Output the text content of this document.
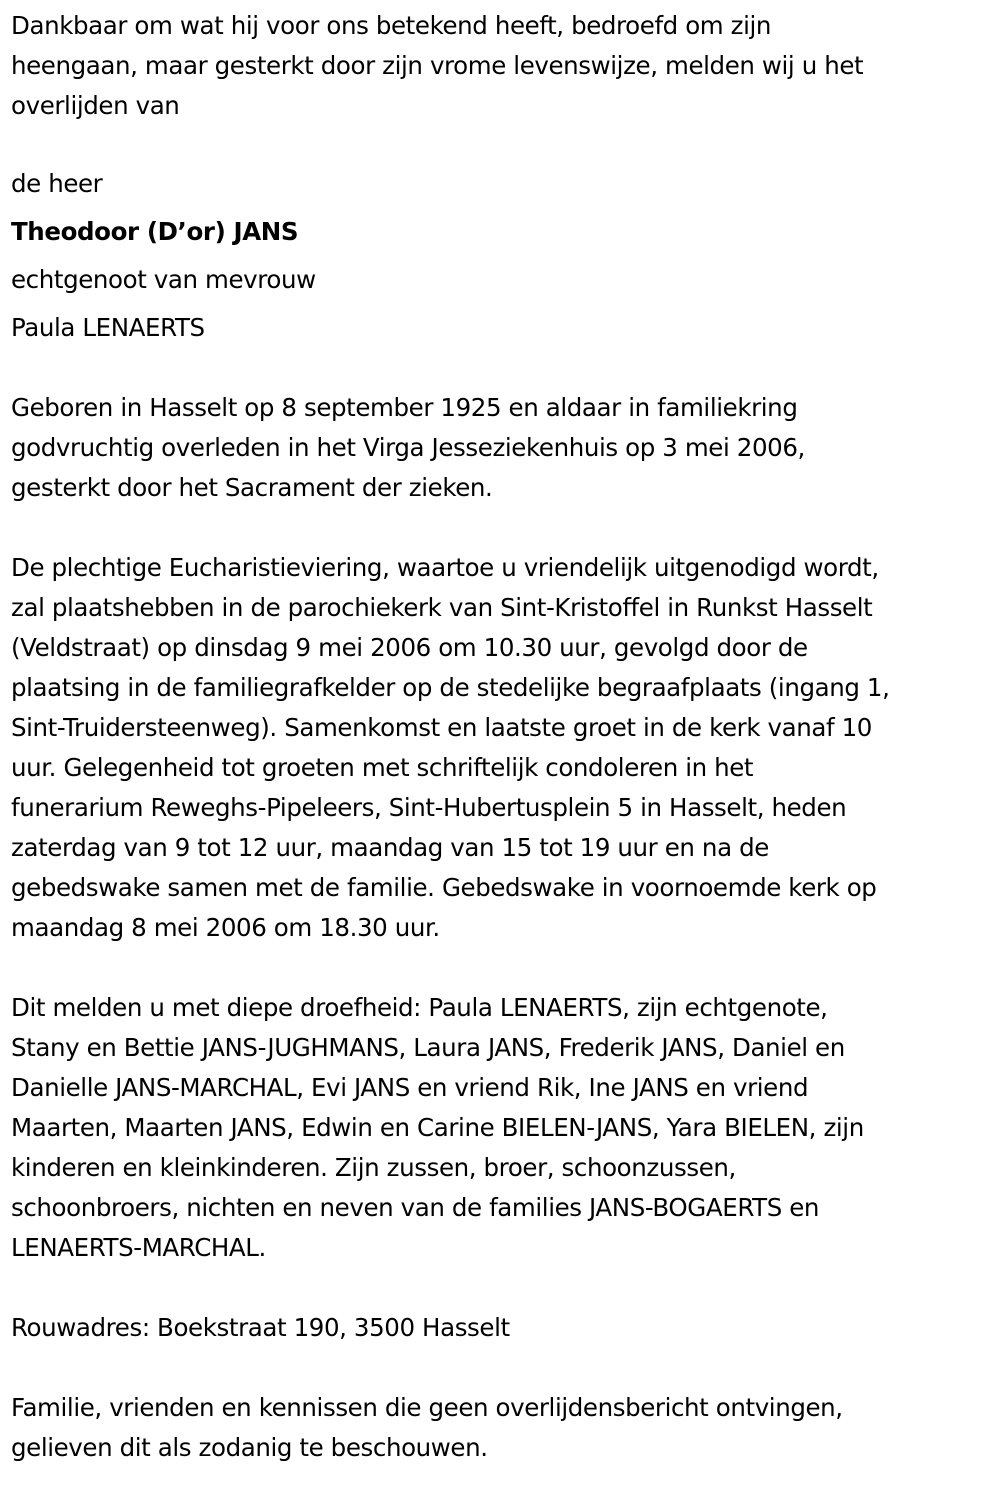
Dankbaar om wat hij voor ons betekend heeft, bedroefd om zijn
heengaan, maar gesterkt door zijn vrome levenswijze, melden wij u het
overlijden van

de heer

Theodoor (D’or) JANS

echtgenoot van mevrouw

Paula LENAERTS

Geboren in Hasselt op 8 september 1925 en aldaar in familiekring
godvruchtig overleden in het Virga Jesseziekenhuis op 3 mei 2006,
gesterkt door het Sacrament der zieken.

De plechtige Eucharistieviering, waartoe u vriendelijk uitgenodigd wordt,
zal plaatshebben in de parochiekerk van Sint-Kristoffel in Runkst Hasselt
(Veldstraat) op dinsdag 9 mei 2006 om 10.30 uur, gevolgd door de
plaatsing in de familiegrafkelder op de stedelijke begraafplaats (ingang 1,
Sint-Truidersteenweg). Samenkomst en laatste groet in de kerk vanaf 10
uur. Gelegenheid tot groeten met schriftelijk condoleren in het
funerarium Reweghs-Pipeleers, Sint-Hubertusplein 5 in Hasselt, heden
zaterdag van 9 tot 12 uur, maandag van 15 tot 19 uur en na de
gebedswake samen met de familie. Gebedswake in voornoemde kerk op
maandag 8 mei 2006 om 18.30 uur.

Dit melden u met diepe droefheid: Paula LENAERTS, zijn echtgenote,
Stany en Bettie JANS-JUGHMANS, Laura JANS, Frederik JANS, Daniel en
Danielle JANS-MARCHAL, Evi JANS en vriend Rik, Ine JANS en vriend
Maarten, Maarten JANS, Edwin en Carine BIELEN-JANS, Yara BIELEN, zijn
kinderen en kleinkinderen. Zijn zussen, broer, schoonzussen,
schoonbroers, nichten en neven van de families JANS-BOGAERTS en
LENAERTS-MARCHAL.

Rouwadres: Boekstraat 190, 3500 Hasselt

Familie, vrienden en kennissen die geen overlijdensbericht ontvingen,
gelieven dit als zodanig te beschouwen.
